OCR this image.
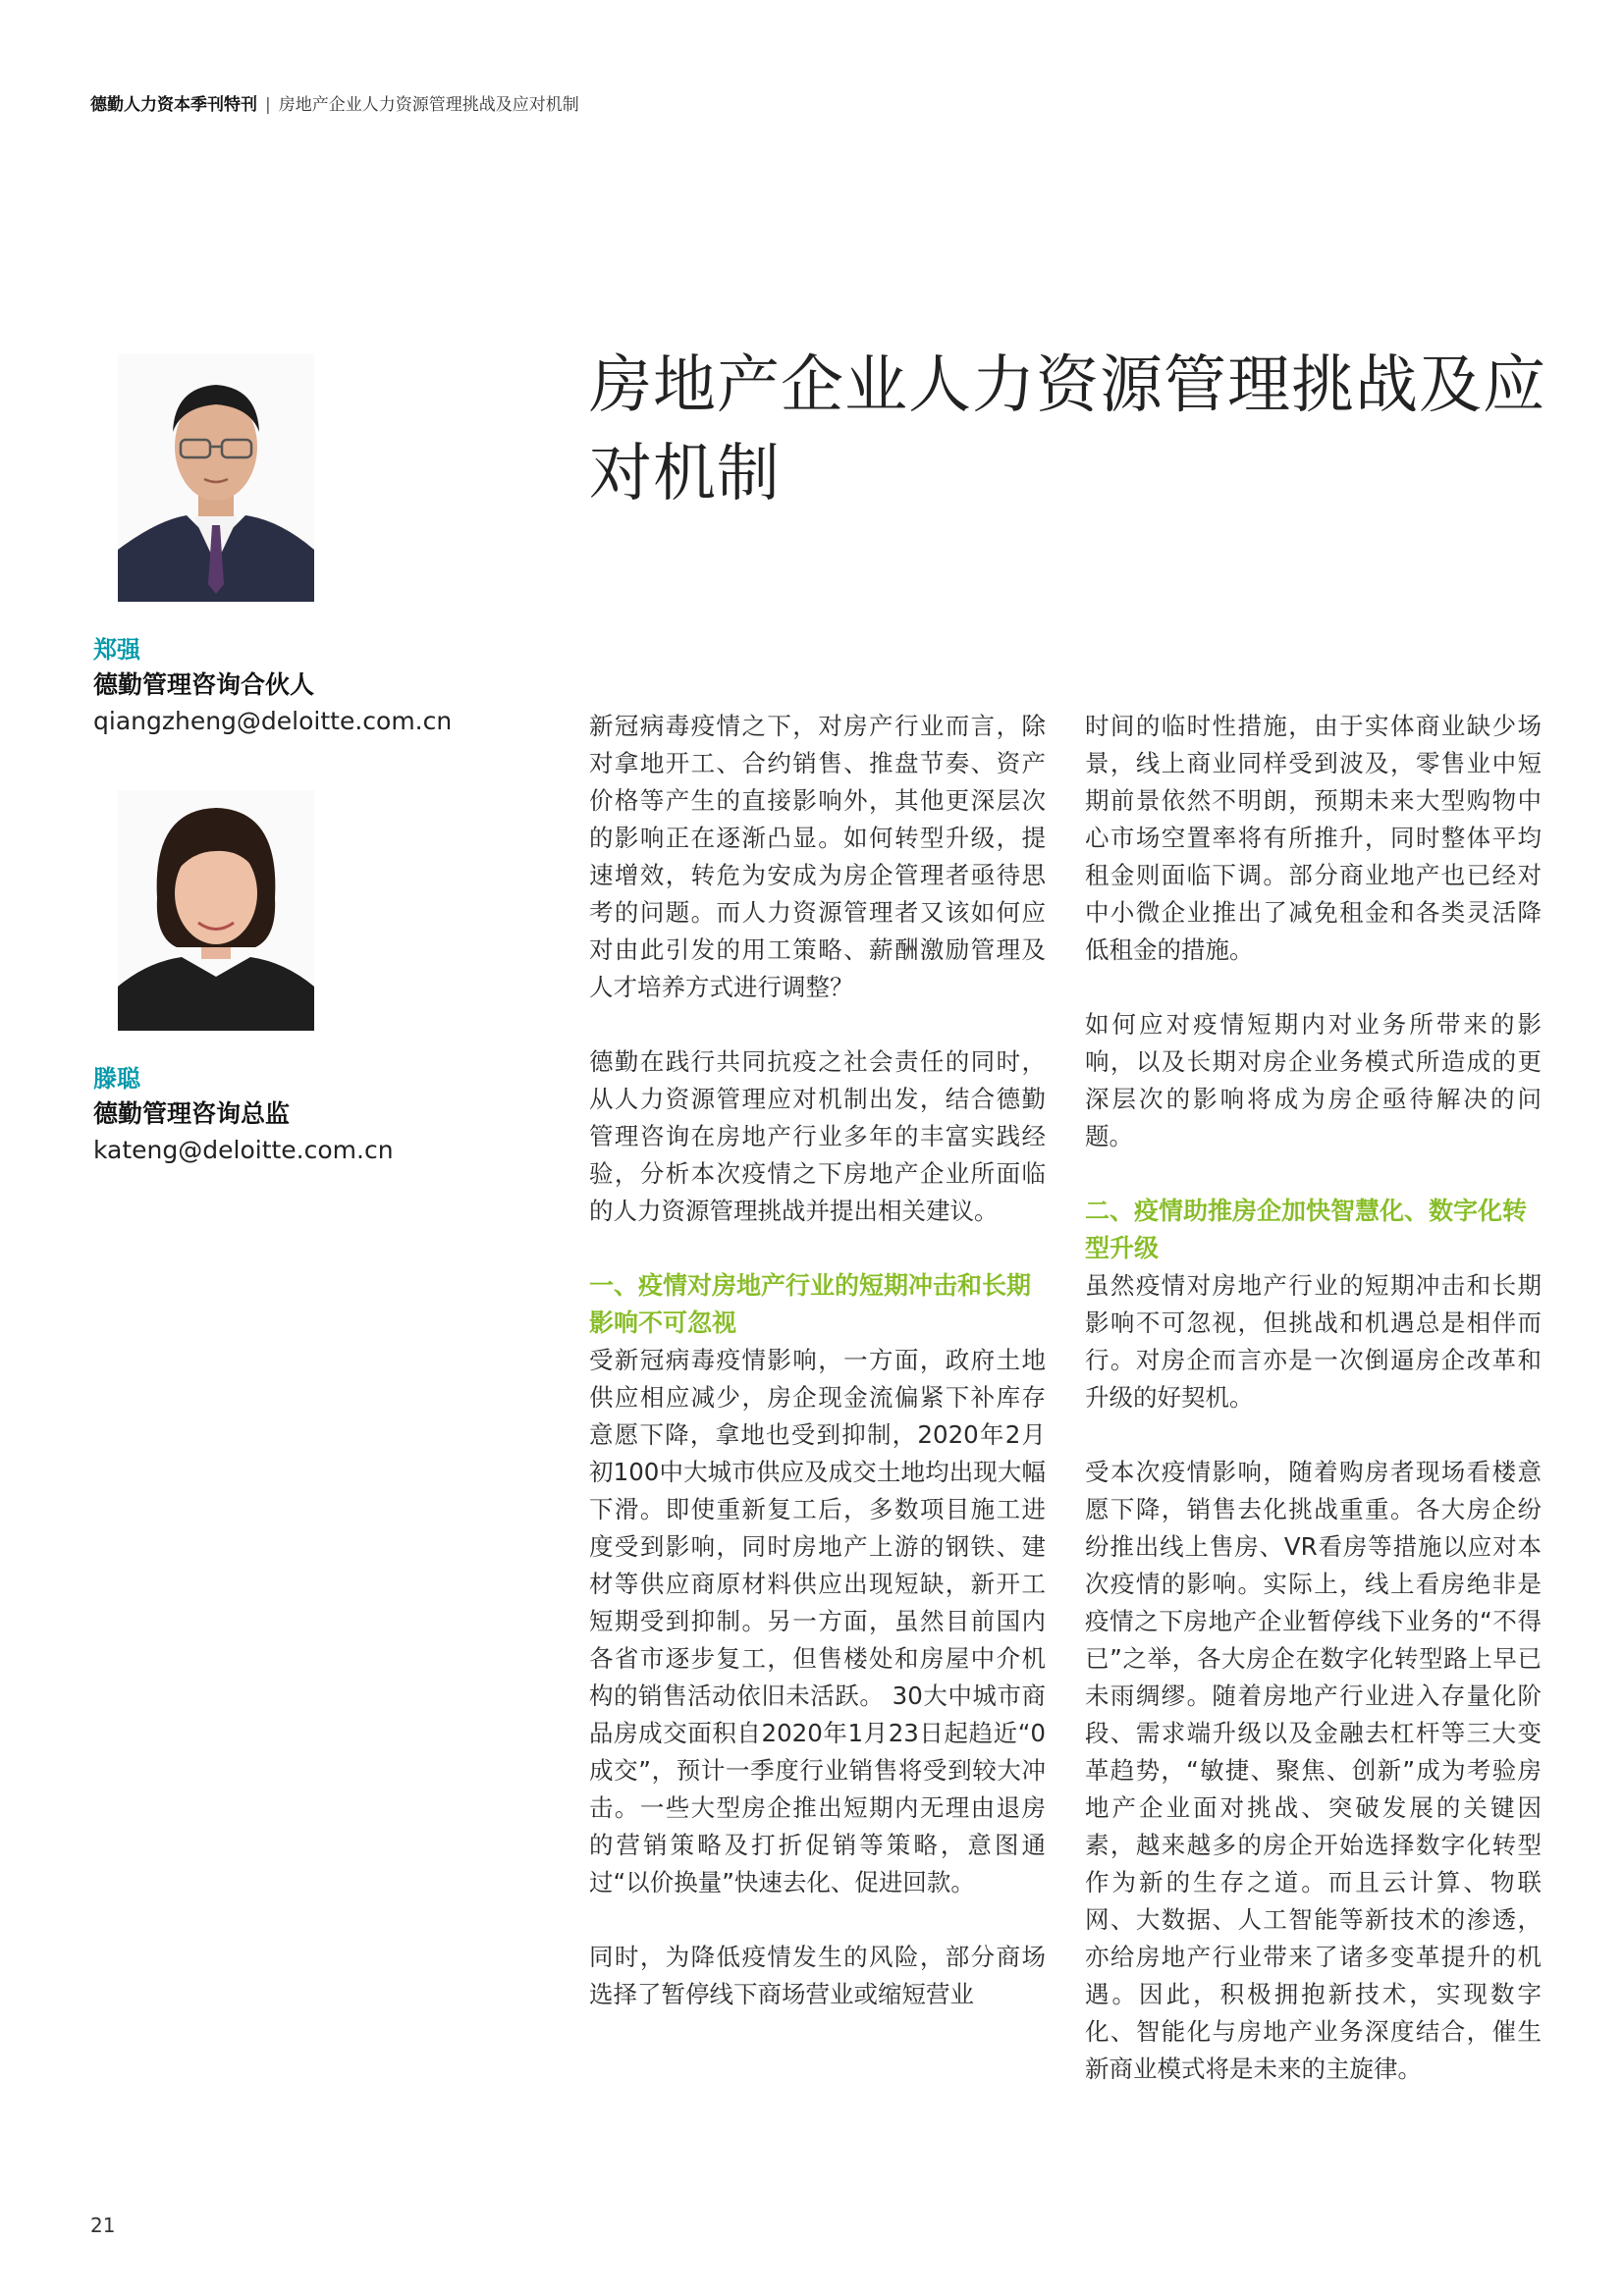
德勤人力资本季刊特刊 | 房地产企业人力资源管理挑战及应对机制
郑强
德勤管理咨询合伙人
qiangzheng@deloitte.com.cn
滕聪
德勤管理咨询总监
kateng@deloitte.com.cn
房地产企业人力资源管理挑战及应对机制

新冠病毒疫情之下，对房产行业而言，除对拿地开工、合约销售、推盘节奏、资产价格等产生的直接影响外，其他更深层次的影响正在逐渐凸显。如何转型升级，提速增效，转危为安成为房企管理者亟待思考的问题。而人力资源管理者又该如何应对由此引发的用工策略、薪酬激励管理及人才培养方式进行调整？

德勤在践行共同抗疫之社会责任的同时，从人力资源管理应对机制出发，结合德勤管理咨询在房地产行业多年的丰富实践经验，分析本次疫情之下房地产企业所面临的人力资源管理挑战并提出相关建议。

一、疫情对房地产行业的短期冲击和长期影响不可忽视

受新冠病毒疫情影响，一方面，政府土地供应相应减少，房企现金流偏紧下补库存意愿下降，拿地也受到抑制，2020年2月初100中大城市供应及成交土地均出现大幅下滑。即使重新复工后，多数项目施工进度受到影响，同时房地产上游的钢铁、建材等供应商原材料供应出现短缺，新开工短期受到抑制。另一方面，虽然目前国内各省市逐步复工，但售楼处和房屋中介机构的销售活动依旧未活跃。 30大中城市商品房成交面积自2020年1月23日起趋近“0成交”，预计一季度行业销售将受到较大冲击。一些大型房企推出短期内无理由退房的营销策略及打折促销等策略，意图通过“以价换量”快速去化、促进回款。

同时，为降低疫情发生的风险，部分商场选择了暂停线下商场营业或缩短营业

时间的临时性措施，由于实体商业缺少场景，线上商业同样受到波及，零售业中短期前景依然不明朗，预期未来大型购物中心市场空置率将有所推升，同时整体平均租金则面临下调。部分商业地产也已经对中小微企业推出了减免租金和各类灵活降低租金的措施。

如何应对疫情短期内对业务所带来的影响，以及长期对房企业务模式所造成的更深层次的影响将成为房企亟待解决的问题。

二、疫情助推房企加快智慧化、数字化转型升级

虽然疫情对房地产行业的短期冲击和长期影响不可忽视，但挑战和机遇总是相伴而行。对房企而言亦是一次倒逼房企改革和升级的好契机。

受本次疫情影响，随着购房者现场看楼意愿下降，销售去化挑战重重。各大房企纷纷推出线上售房、VR看房等措施以应对本次疫情的影响。实际上，线上看房绝非是疫情之下房地产企业暂停线下业务的“不得已”之举，各大房企在数字化转型路上早已未雨绸缪。随着房地产行业进入存量化阶段、需求端升级以及金融去杠杆等三大变革趋势，“敏捷、聚焦、创新”成为考验房地产企业面对挑战、突破发展的关键因素，越来越多的房企开始选择数字化转型作为新的生存之道。而且云计算、物联网、大数据、人工智能等新技术的渗透，亦给房地产行业带来了诸多变革提升的机遇。因此，积极拥抱新技术，实现数字化、智能化与房地产业务深度结合，催生新商业模式将是未来的主旋律。

21
